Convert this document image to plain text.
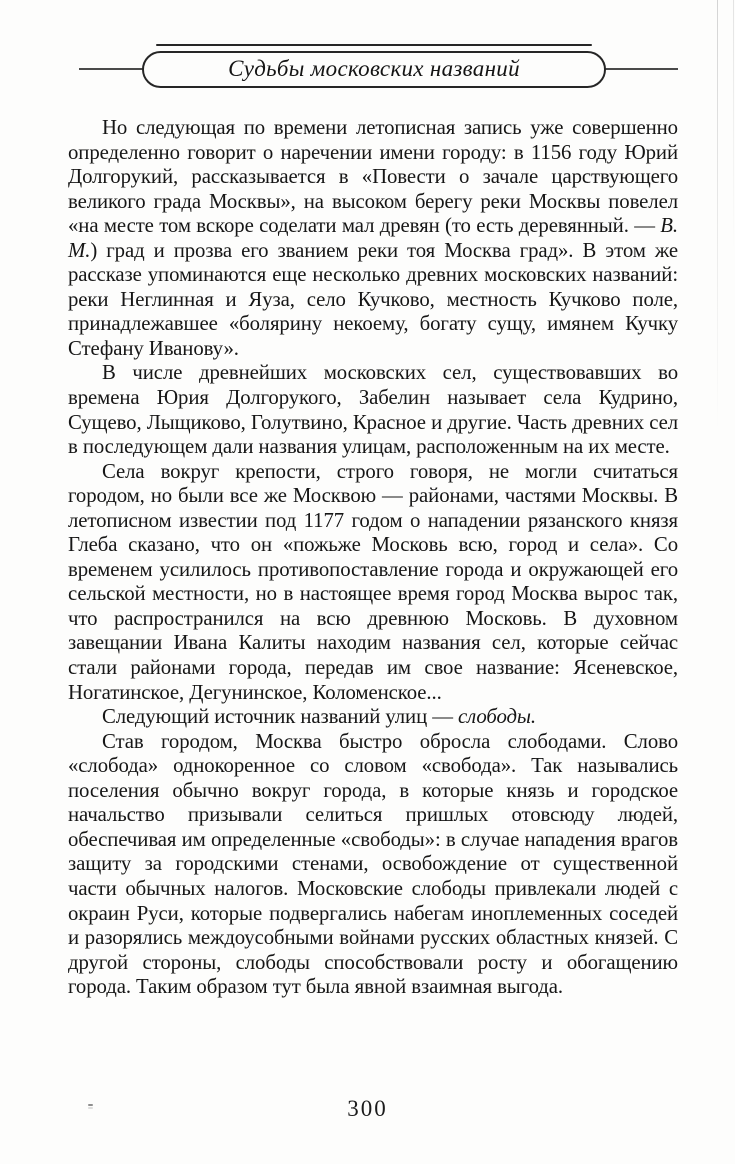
Судьбы московских названий

Но следующая по времени летописная запись уже совершенно определенно говорит о наречении имени городу: в 1156 году Юрий Долгорукий, рассказывается в «Повести о зачале царствующего великого града Москвы», на высоком берегу реки Москвы повелел «на месте том вскоре соделати мал древян (то есть деревянный. — В. М.) град и прозва его званием реки тоя Москва град». В этом же рассказе упоминаются еще несколько древних московских названий: реки Неглинная и Яуза, село Кучково, местность Кучково поле, принадлежавшее «болярину некоему, богату сущу, имянем Кучку Стефану Иванову».

В числе древнейших московских сел, существовавших во времена Юрия Долгорукого, Забелин называет села Кудрино, Сущево, Лыщиково, Голутвино, Красное и другие. Часть древних сел в последующем дали названия улицам, расположенным на их месте.

Села вокруг крепости, строго говоря, не могли считаться городом, но были все же Москвою — районами, частями Москвы. В летописном известии под 1177 годом о нападении рязанского князя Глеба сказано, что он «пожьже Московь всю, город и села». Со временем усилилось противопоставление города и окружающей его сельской местности, но в настоящее время город Москва вырос так, что распространился на всю древнюю Московь. В духовном завещании Ивана Калиты находим названия сел, которые сейчас стали районами города, передав им свое название: Ясеневское, Ногатинское, Дегунинское, Коломенское...

Следующий источник названий улиц — слободы.

Став городом, Москва быстро обросла слободами. Слово «слобода» однокоренное со словом «свобода». Так назывались поселения обычно вокруг города, в которые князь и городское начальство призывали селиться пришлых отовсюду людей, обеспечивая им определенные «свободы»: в случае нападения врагов защиту за городскими стенами, освобождение от существенной части обычных налогов. Московские слободы привлекали людей с окраин Руси, которые подвергались набегам иноплеменных соседей и разорялись междоусобными войнами русских областных князей. С другой стороны, слободы способствовали росту и обогащению города. Таким образом тут была явной взаимная выгода.

300
